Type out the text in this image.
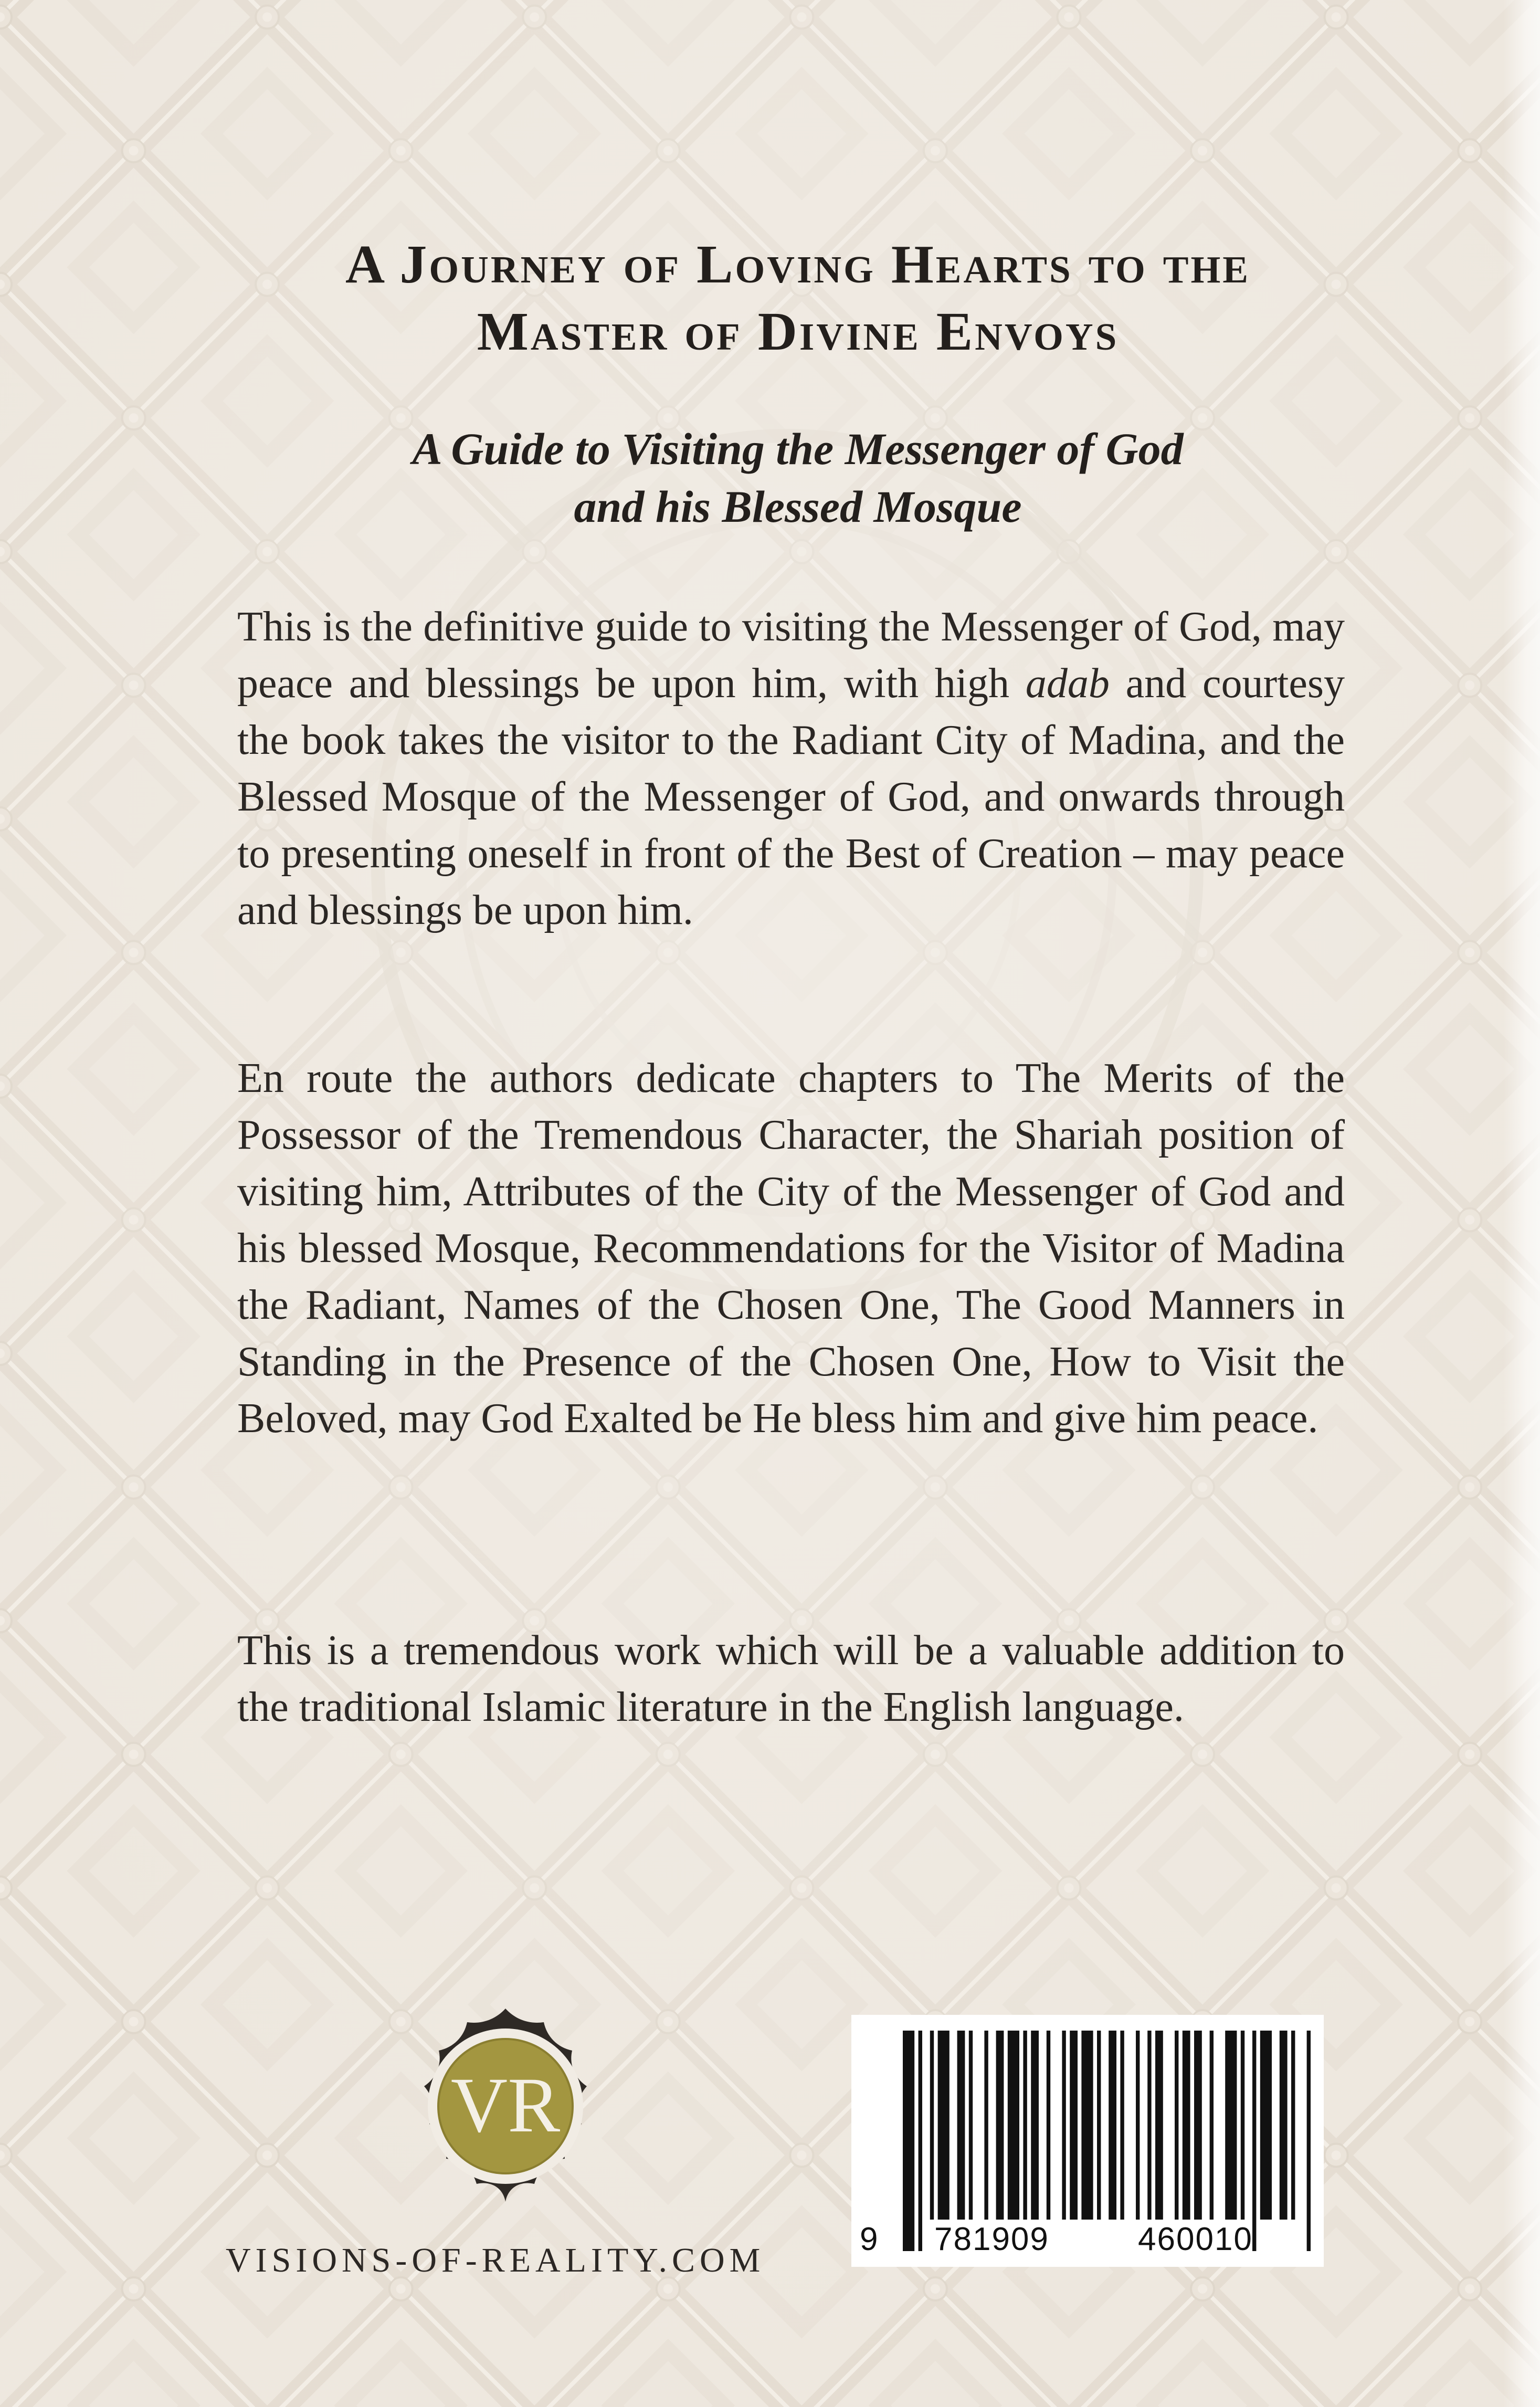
A Journey of Loving Hearts to the
Master of Divine Envoys
A Guide to Visiting the Messenger of God
and his Blessed Mosque

This is the definitive guide to visiting the Messenger of God, may peace and blessings be upon him, with high adab and courtesy the book takes the visitor to the Radiant City of Madina, and the Blessed Mosque of the Messenger of God, and onwards through to presenting oneself in front of the Best of Creation – may peace and blessings be upon him.

En route the authors dedicate chapters to The Merits of the Possessor of the Tremendous Character, the Shariah position of visiting him, Attributes of the City of the Messenger of God and his blessed Mosque, Recommendations for the Visitor of Madina the Radiant, Names of the Chosen One, The Good Manners in Standing in the Presence of the Chosen One, How to Visit the Beloved, may God Exalted be He bless him and give him peace.

This is a tremendous work which will be a valuable addition to the traditional Islamic literature in the English language.

VR

VISIONS-OF-REALITY.COM

9 781909	460010
